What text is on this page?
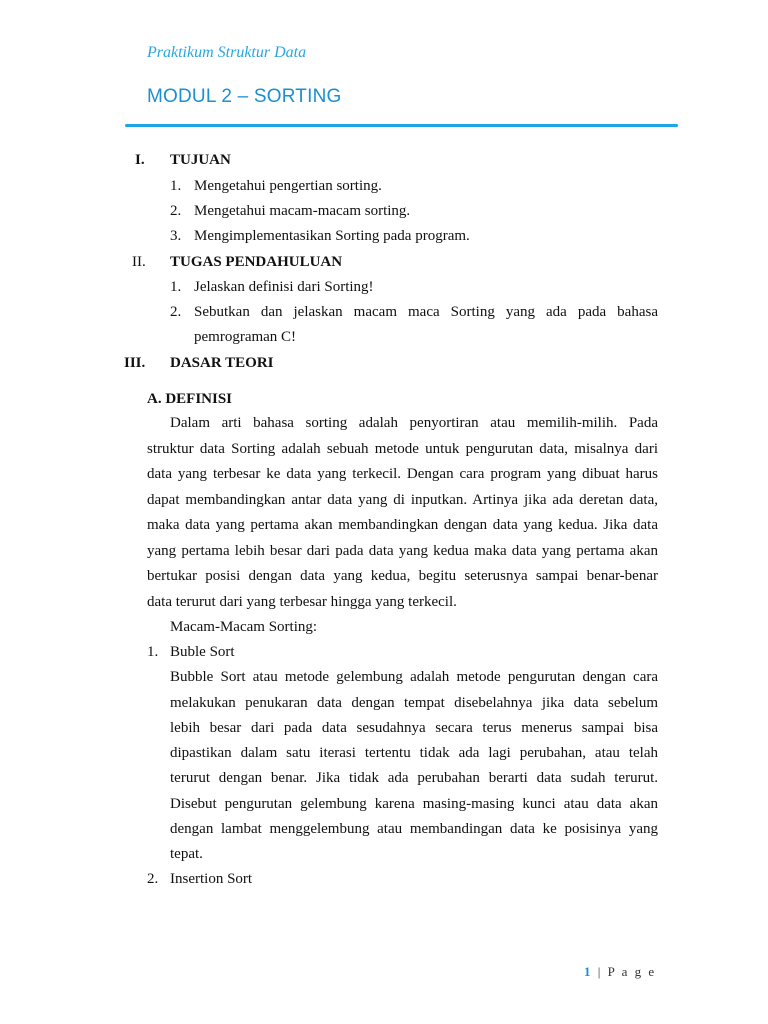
Praktikum Struktur Data
MODUL 2 – SORTING
I. TUJUAN
1. Mengetahui pengertian sorting.
2. Mengetahui macam-macam sorting.
3. Mengimplementasikan Sorting pada program.
II. TUGAS PENDAHULUAN
1. Jelaskan definisi dari Sorting!
2. Sebutkan dan jelaskan macam maca Sorting yang ada pada bahasa
pemrograman C!
III. DASAR TEORI
A. DEFINISI
Dalam arti bahasa sorting adalah penyortiran atau memilih-milih. Pada
struktur data Sorting adalah sebuah metode untuk pengurutan data, misalnya dari
data yang terbesar ke data yang terkecil. Dengan cara program yang dibuat harus
dapat membandingkan antar data yang di inputkan. Artinya jika ada deretan data,
maka data yang pertama akan membandingkan dengan data yang kedua. Jika data
yang pertama lebih besar dari pada data yang kedua maka data yang pertama akan
bertukar posisi dengan data yang kedua, begitu seterusnya sampai benar-benar
data terurut dari yang terbesar hingga yang terkecil.
Macam-Macam Sorting:
1. Buble Sort
Bubble Sort atau metode gelembung adalah metode pengurutan dengan cara
melakukan penukaran data dengan tempat disebelahnya jika data sebelum
lebih besar dari pada data sesudahnya secara terus menerus sampai bisa
dipastikan dalam satu iterasi tertentu tidak ada lagi perubahan, atau telah
terurut dengan benar. Jika tidak ada perubahan berarti data sudah terurut.
Disebut pengurutan gelembung karena masing-masing kunci atau data akan
dengan lambat menggelembung atau membandingan data ke posisinya yang
tepat.
2. Insertion Sort
1 | P a g e
